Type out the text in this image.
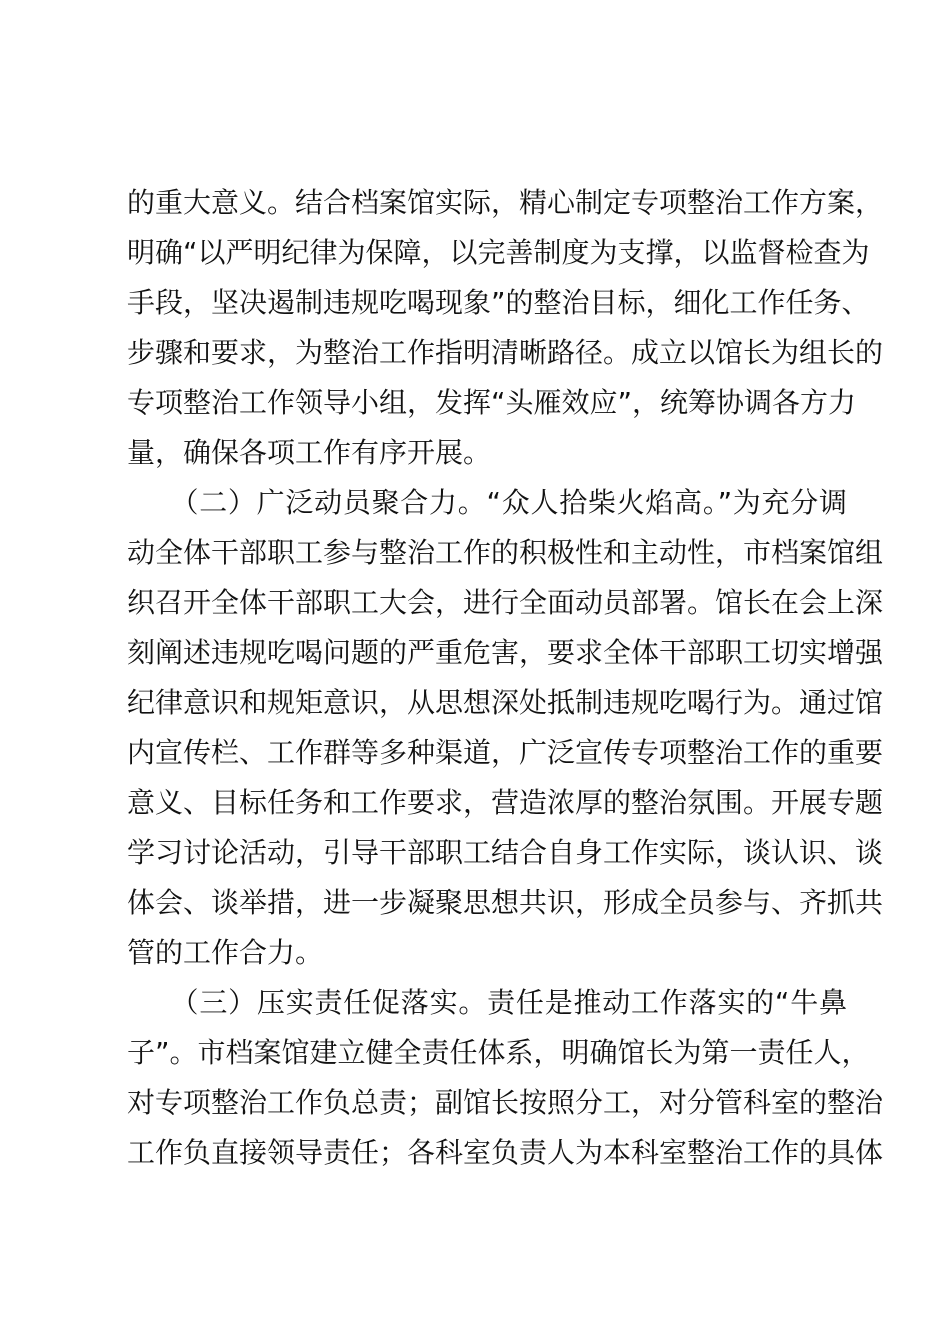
的重大意义。结合档案馆实际，精心制定专项整治工作方案，
明确“以严明纪律为保障，以完善制度为支撑，以监督检查为
手段，坚决遏制违规吃喝现象”的整治目标，细化工作任务、
步骤和要求，为整治工作指明清晰路径。成立以馆长为组长的
专项整治工作领导小组，发挥“头雁效应”，统筹协调各方力
量，确保各项工作有序开展。
　　（二）广泛动员聚合力。“众人拾柴火焰高。”为充分调
动全体干部职工参与整治工作的积极性和主动性，市档案馆组
织召开全体干部职工大会，进行全面动员部署。馆长在会上深
刻阐述违规吃喝问题的严重危害，要求全体干部职工切实增强
纪律意识和规矩意识，从思想深处抵制违规吃喝行为。通过馆
内宣传栏、工作群等多种渠道，广泛宣传专项整治工作的重要
意义、目标任务和工作要求，营造浓厚的整治氛围。开展专题
学习讨论活动，引导干部职工结合自身工作实际，谈认识、谈
体会、谈举措，进一步凝聚思想共识，形成全员参与、齐抓共
管的工作合力。
　　（三）压实责任促落实。责任是推动工作落实的“牛鼻
子”。市档案馆建立健全责任体系，明确馆长为第一责任人，
对专项整治工作负总责；副馆长按照分工，对分管科室的整治
工作负直接领导责任；各科室负责人为本科室整治工作的具体
